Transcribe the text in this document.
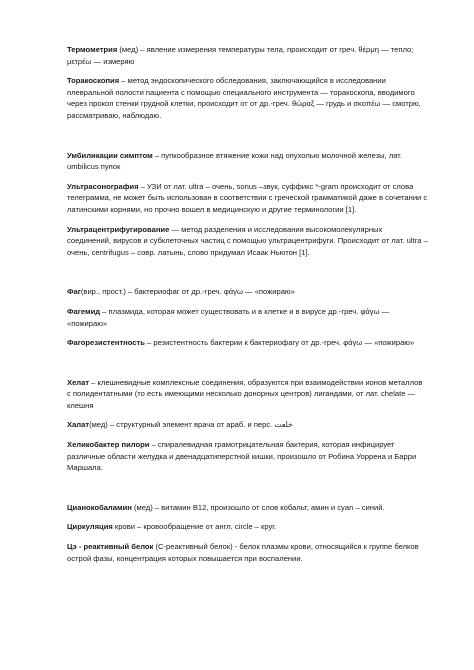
Термометрия (мед) – явление измерения температуры тела, происходит от греч. θέρμη — тепло; μετρέω — измеряю

Торакоскопия – метод эндоскопического обследования, заключающийся в исследовании плевральной полости пациента с помощью специального инструмента — торакоскопа, вводимого через прокол стенки грудной клетки, происходит от от др.-греч. θώραξ — грудь и σκοπέω — смотрю, рассматриваю, наблюдаю.

Умбиликации симптом – пупкообразное втяжение кожи над опухолью молочной железы, лат. umbilicus пупок

Ультрасонография – УЗИ от лат. ultra – очень, sonus –звук, суффикс *-gram происходит от слова телеграмма, не может быть использован в соответствии с греческой грамматикой даже в сочетании с латинскими корнями, но прочно вошел в медицинскую и другие терминологии [1].

Ультрацентрифугирование — метод разделения и исследования высокомолекулярных соединений, вирусов и субклеточных частиц с помощью ультрацентрифуги. Происходит от лат. ultra – очень, centrifugus – совр. латынь, слово придумал Исаак Ньютон [1].

Фаг(вир., прост.) – бактериофаг от др.-греч. φάγω — «пожираю»

Фагемид – плазмида, которая может существовать и в клетке и в вирусе др.-греч. φάγω — «пожираю»

Фагорезистентность – резистентность бактерии к бактериофагу от др.-греч. φάγω — «пожираю»

Хелат – клешневидные комплексные соединения, образуются при взаимодействии ионов металлов с полидентатными (то есть имеющими несколько донорных центров) лигандами, от лат. chelate — клешня

Халат(мед) – структурный элемент врача от араб. и перс. خلعت

Хеликобактер пилори – спиралевидная грамотрицательная бактерия, которая инфицирует различные области желудка и двенадцатиперстной кишки, произошло от Робина Уоррена и Барри Маршала.

Цианокобаламин (мед) – витамин B12, произошло от слов кобальт, амин и cyan – синий.

Циркуляция крови – кровообращение от англ. circle – круг.

Цэ - реактивный белок (C-реактивный белок) - белок плазмы крови, относящийся к группе белков острой фазы, концентрация которых повышается при воспалении.
